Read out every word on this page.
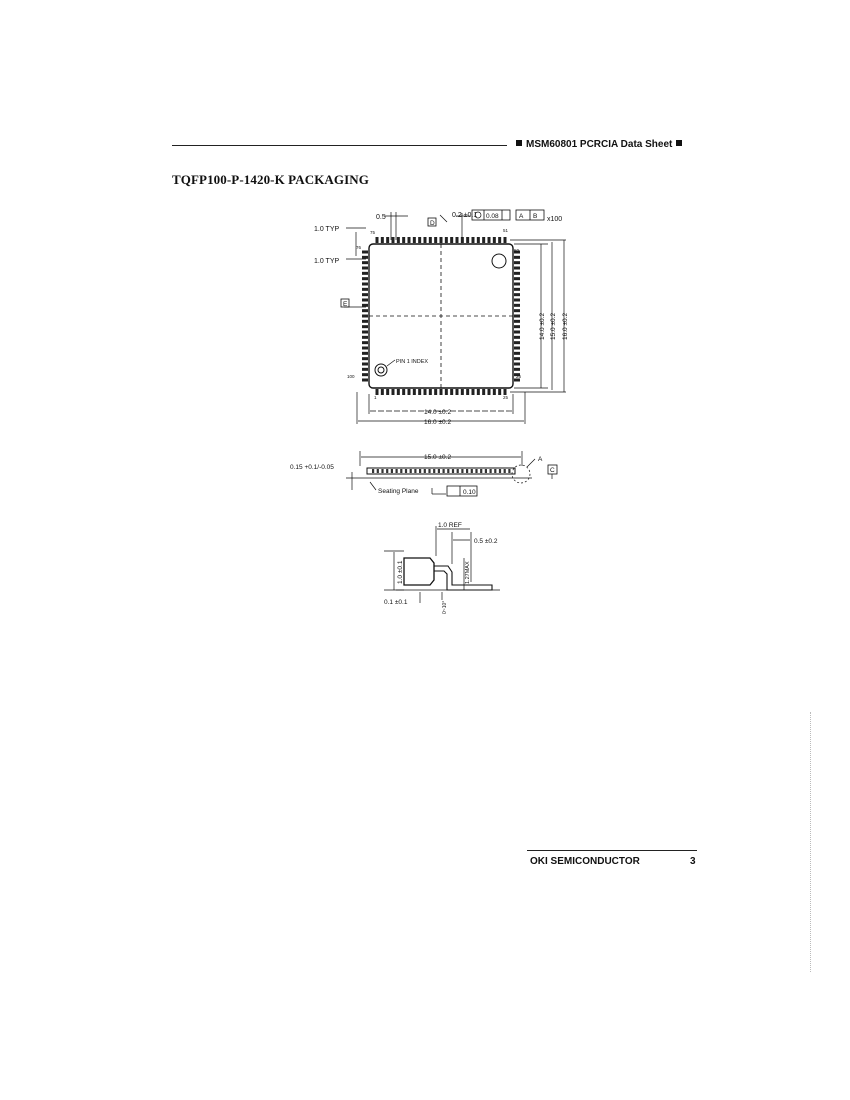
MSM60801 PCRCIA Data Sheet
TQFP100-P-1420-K PACKAGING
0.5
1.0 TYP
1.0 TYP
0.2 ±0.1 0.08	A B
D
E
x100
PIN 1 INDEX
75	51
76
50
100	26
1	25
14.0 ±0.2 15.0 ±0.2 16.0 ±0.2
14.0 ±0.2
16.0 ±0.2
15.0 ±0.2
0.15 +0.1/-0.05
A
C
Seating Plane	0.10
1.0 REF
0.5 ±0.2
1.0 ±0.1	1.27MAX
0.1 ±0.1	0~10°
OKI SEMICONDUCTOR	3
